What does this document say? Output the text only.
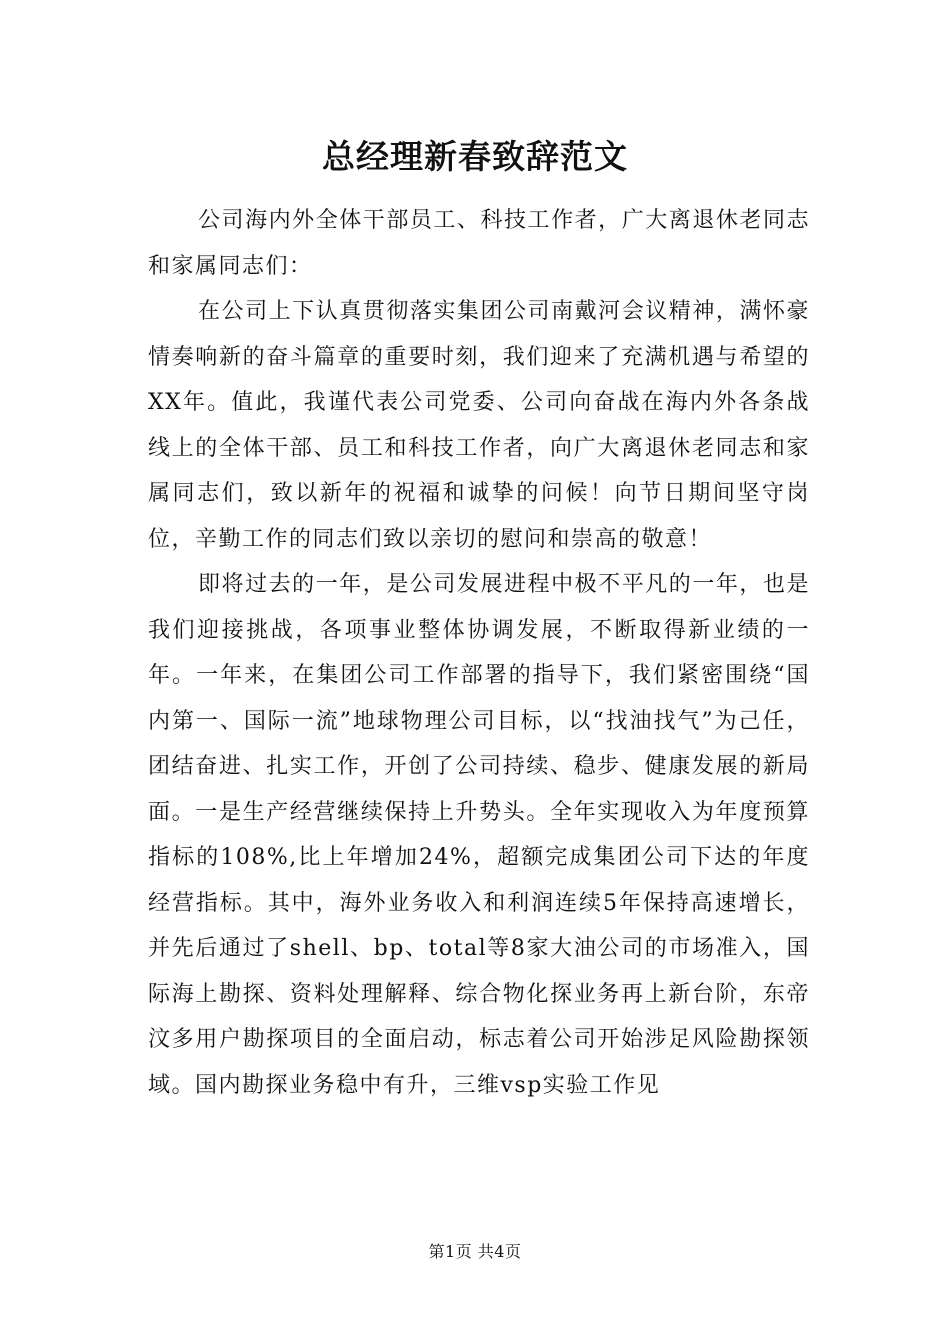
总经理新春致辞范文

公司海内外全体干部员工、科技工作者，广大离退休老同志和家属同志们：

在公司上下认真贯彻落实集团公司南戴河会议精神，满怀豪情奏响新的奋斗篇章的重要时刻，我们迎来了充满机遇与希望的XX年。值此，我谨代表公司党委、公司向奋战在海内外各条战线上的全体干部、员工和科技工作者，向广大离退休老同志和家属同志们，致以新年的祝福和诚挚的问候！向节日期间坚守岗位，辛勤工作的同志们致以亲切的慰问和崇高的敬意！

即将过去的一年，是公司发展进程中极不平凡的一年，也是我们迎接挑战，各项事业整体协调发展，不断取得新业绩的一年。一年来，在集团公司工作部署的指导下，我们紧密围绕“国内第一、国际一流”地球物理公司目标，以“找油找气”为己任，团结奋进、扎实工作，开创了公司持续、稳步、健康发展的新局面。一是生产经营继续保持上升势头。全年实现收入为年度预算指标的108%,比上年增加24%，超额完成集团公司下达的年度经营指标。其中，海外业务收入和利润连续5年保持高速增长，并先后通过了shell、bp、total等8家大油公司的市场准入，国际海上勘探、资料处理解释、综合物化探业务再上新台阶，东帝汶多用户勘探项目的全面启动，标志着公司开始涉足风险勘探领域。国内勘探业务稳中有升，三维vsp实验工作见

第1页 共4页
